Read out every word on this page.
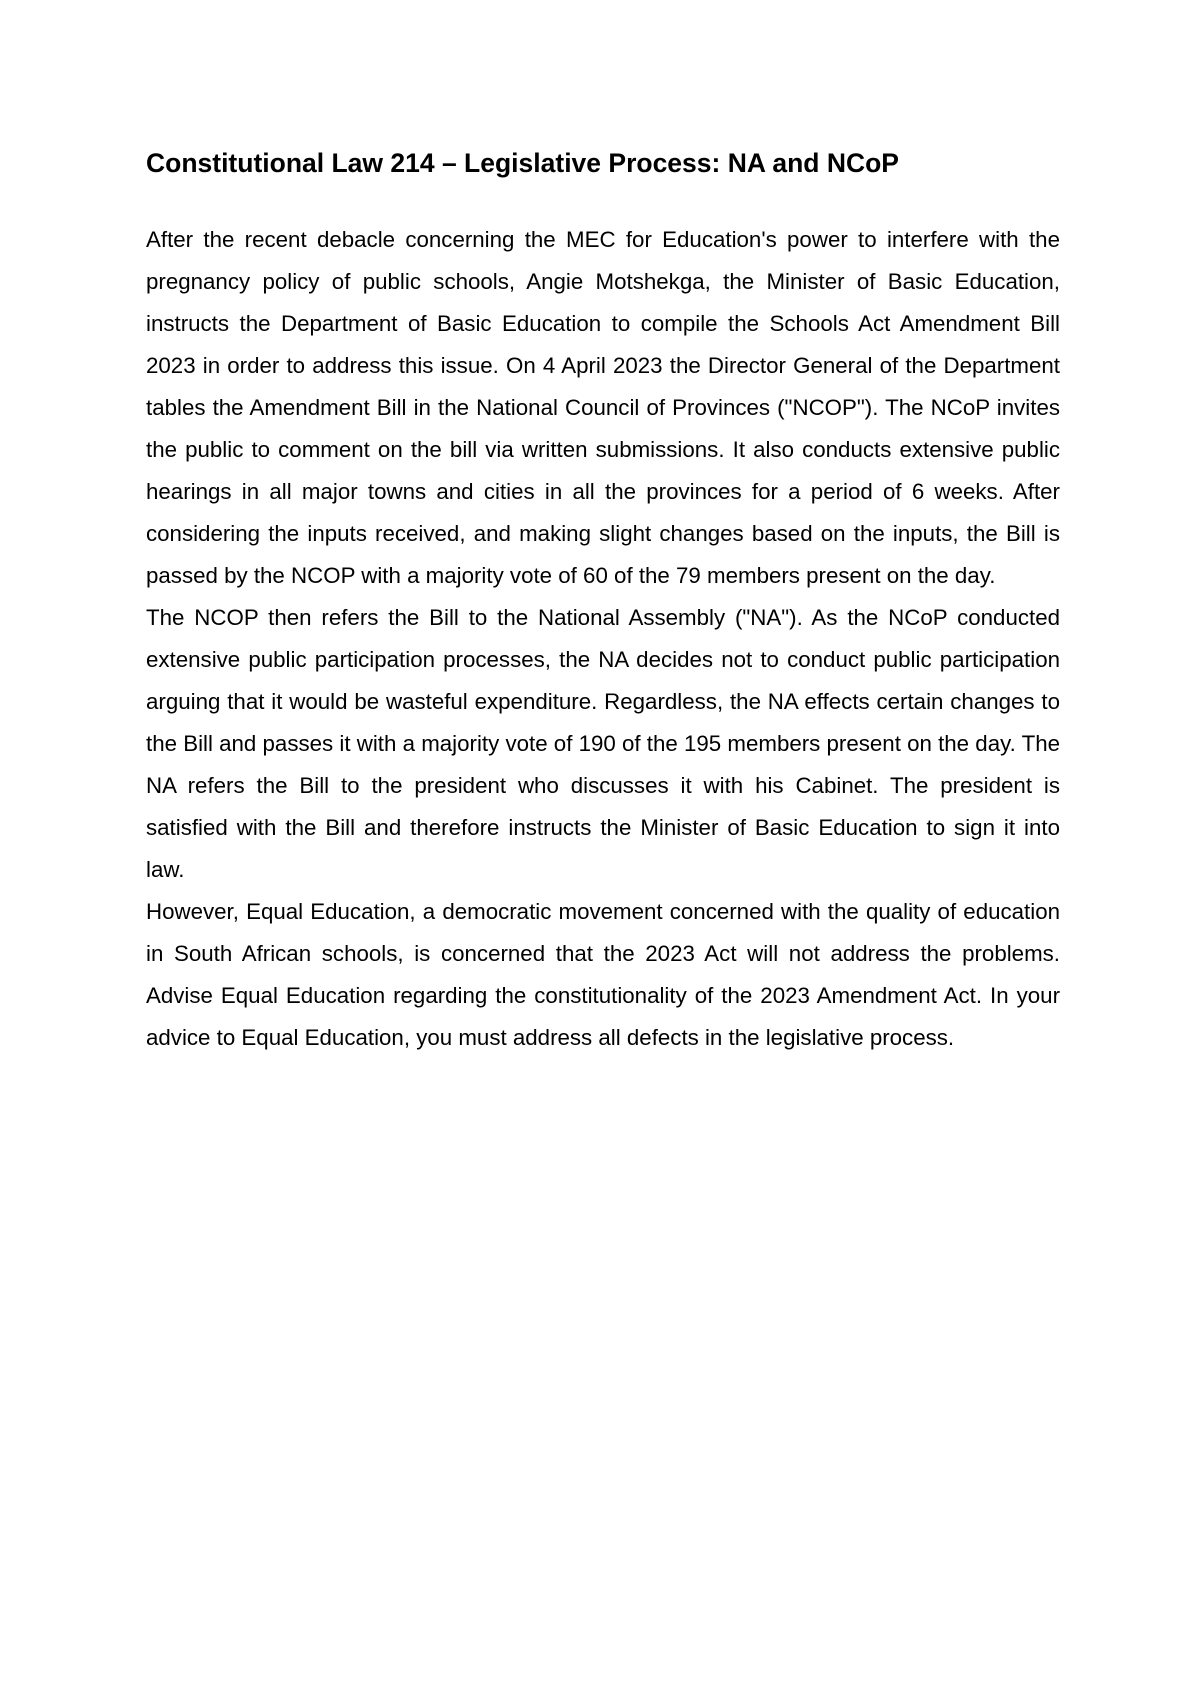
Constitutional Law 214 – Legislative Process: NA and NCoP

After the recent debacle concerning the MEC for Education's power to interfere with the pregnancy policy of public schools, Angie Motshekga, the Minister of Basic Education, instructs the Department of Basic Education to compile the Schools Act Amendment Bill 2023 in order to address this issue. On 4 April 2023 the Director General of the Department tables the Amendment Bill in the National Council of Provinces ("NCOP"). The NCoP invites the public to comment on the bill via written submissions. It also conducts extensive public hearings in all major towns and cities in all the provinces for a period of 6 weeks. After considering the inputs received, and making slight changes based on the inputs, the Bill is passed by the NCOP with a majority vote of 60 of the 79 members present on the day.

The NCOP then refers the Bill to the National Assembly ("NA"). As the NCoP conducted extensive public participation processes, the NA decides not to conduct public participation arguing that it would be wasteful expenditure. Regardless, the NA effects certain changes to the Bill and passes it with a majority vote of 190 of the 195 members present on the day. The NA refers the Bill to the president who discusses it with his Cabinet. The president is satisfied with the Bill and therefore instructs the Minister of Basic Education to sign it into law.

However, Equal Education, a democratic movement concerned with the quality of education in South African schools, is concerned that the 2023 Act will not address the problems. Advise Equal Education regarding the constitutionality of the 2023 Amendment Act. In your advice to Equal Education, you must address all defects in the legislative process.
